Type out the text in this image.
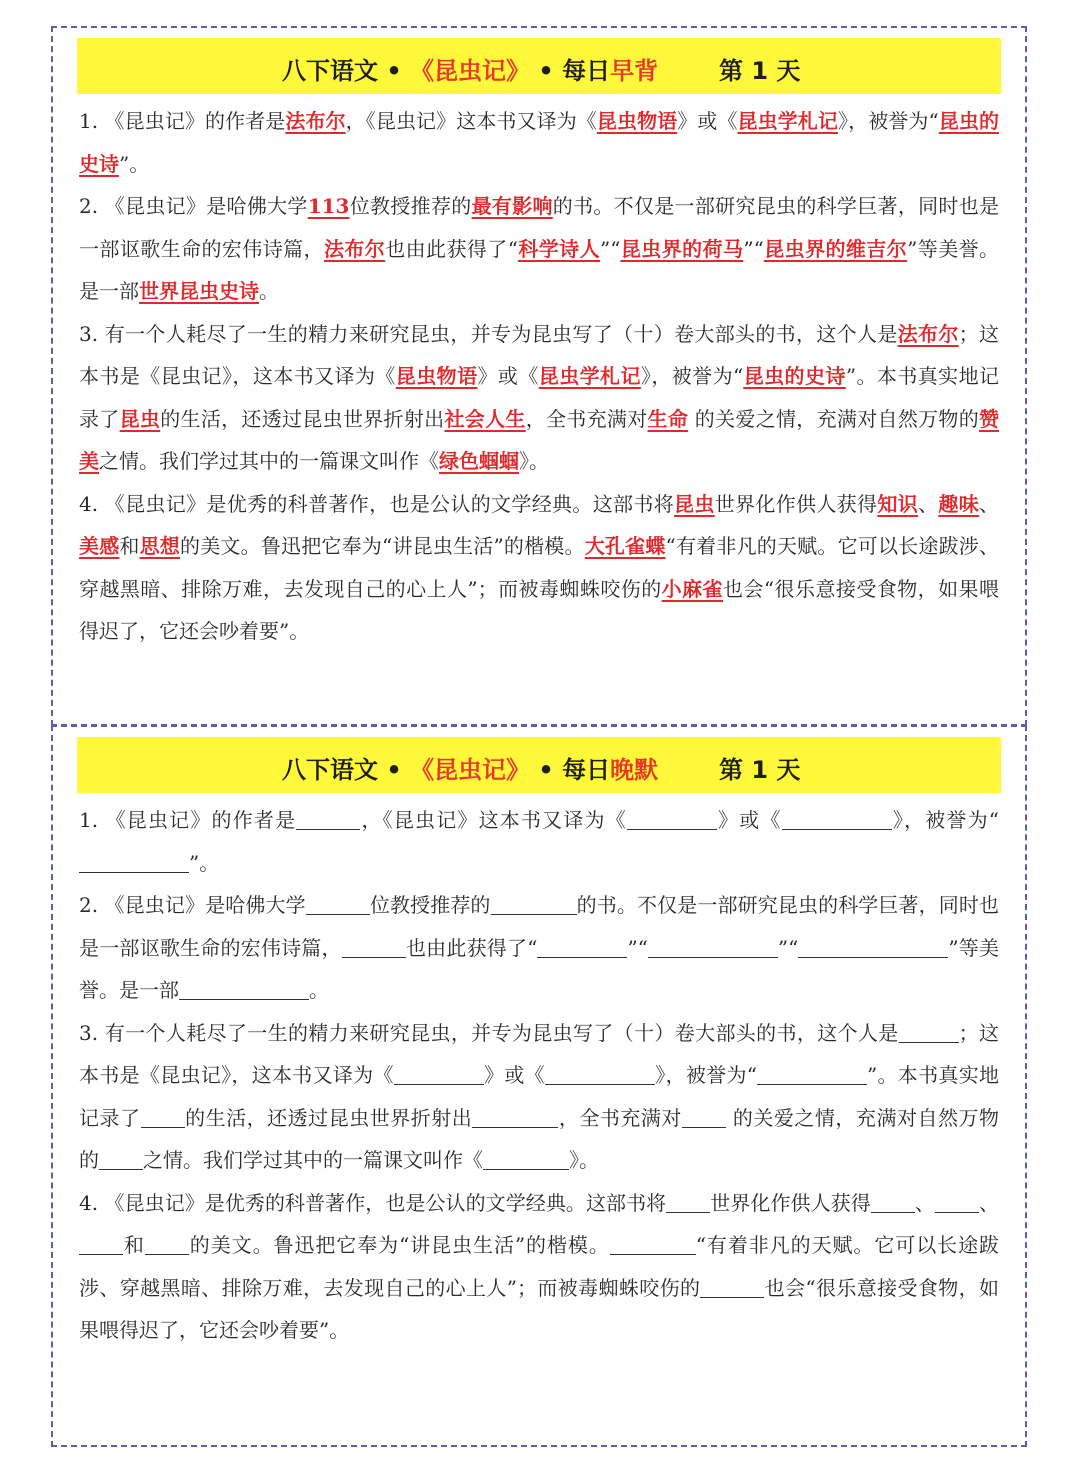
八下语文 • 《昆虫记》 • 每日早背	第 1 天

1. 《昆虫记》的作者是法布尔，《昆虫记》这本书又译为《昆虫物语》或《昆虫学札记》，被誉为“昆虫的史诗”。

2. 《昆虫记》是哈佛大学113位教授推荐的最有影响的书。不仅是一部研究昆虫的科学巨著，同时也是一部讴歌生命的宏伟诗篇，法布尔也由此获得了“科学诗人”“昆虫界的荷马”“昆虫界的维吉尔”等美誉。是一部世界昆虫史诗。

3. 有一个人耗尽了一生的精力来研究昆虫，并专为昆虫写了（十）卷大部头的书，这个人是法布尔；这本书是《昆虫记》，这本书又译为《昆虫物语》或《昆虫学札记》，被誉为“昆虫的史诗”。本书真实地记录了昆虫的生活，还透过昆虫世界折射出社会人生，全书充满对生命 的关爱之情，充满对自然万物的赞美之情。我们学过其中的一篇课文叫作《绿色蝈蝈》。

4. 《昆虫记》是优秀的科普著作，也是公认的文学经典。这部书将昆虫世界化作供人获得知识、趣味、美感和思想的美文。鲁迅把它奉为“讲昆虫生活”的楷模。大孔雀蝶“有着非凡的天赋。它可以长途跋涉、穿越黑暗、排除万难，去发现自己的心上人”；而被毒蜘蛛咬伤的小麻雀也会“很乐意接受食物，如果喂得迟了，它还会吵着要”。

八下语文 • 《昆虫记》 • 每日晚默	第 1 天

1. 《昆虫记》的作者是	，《昆虫记》这本书又译为《	》或《	》，被誉为“”。

2. 《昆虫记》是哈佛大学	位教授推荐的	的书。不仅是一部研究昆虫的科学巨著，同时也是一部讴歌生命的宏伟诗篇，	也由此获得了“	”“	”“	”等美誉。是一部	。

3. 有一个人耗尽了一生的精力来研究昆虫，并专为昆虫写了（十）卷大部头的书，这个人是	；这本书是《昆虫记》，这本书又译为《	》或《	》，被誉为“	”。本书真实地记录了 的生活，还透过昆虫世界折射出	，全书充满对 的关爱之情，充满对自然万物的 之情。我们学过其中的一篇课文叫作《	》。

4. 《昆虫记》是优秀的科普著作，也是公认的文学经典。这部书将 世界化作供人获得 、 、和 的美文。鲁迅把它奉为“讲昆虫生活”的楷模。	“有着非凡的天赋。它可以长途跋涉、穿越黑暗、排除万难，去发现自己的心上人”；而被毒蜘蛛咬伤的	也会“很乐意接受食物，如果喂得迟了，它还会吵着要”。
